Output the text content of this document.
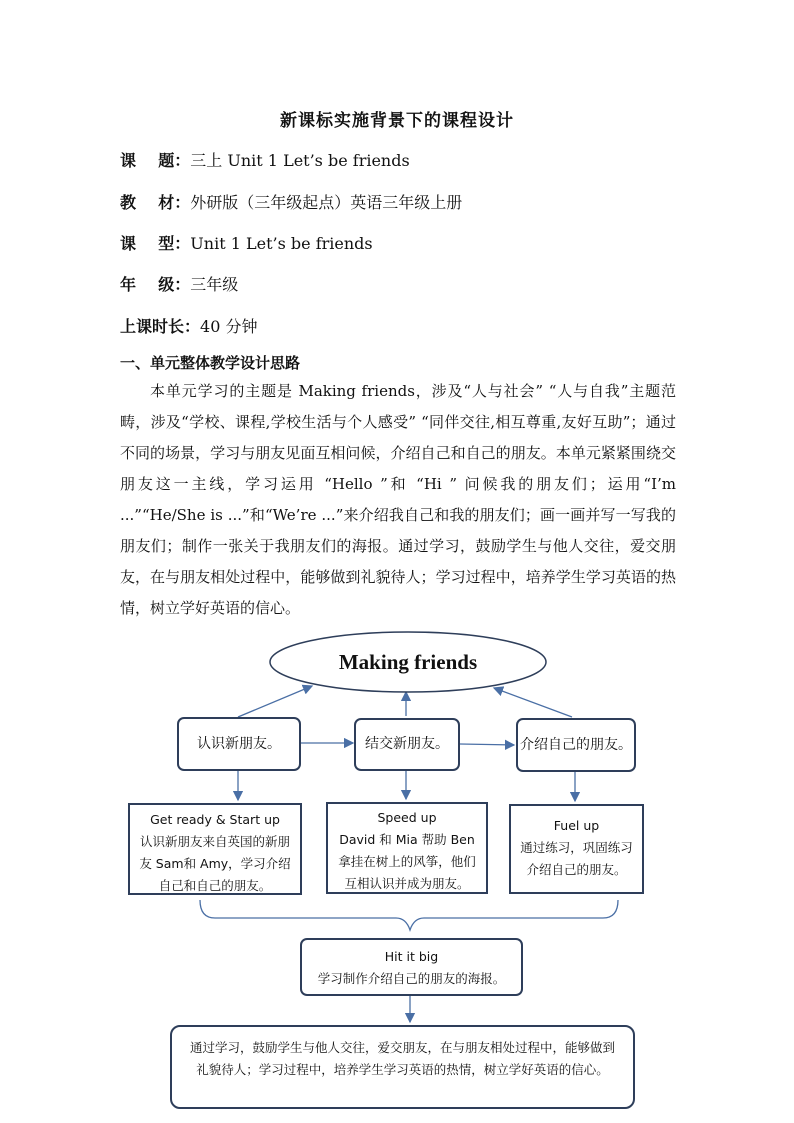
新课标实施背景下的课程设计
课    题：三上 Unit 1 Let’s be friends
教    材：外研版（三年级起点）英语三年级上册
课    型：Unit 1 Let’s be friends
年    级：三年级
上课时长：40 分钟
一、单元整体教学设计思路
本单元学习的主题是 Making friends，涉及“人与社会” “人与自我”主题范畴，涉及“学校、课程,学校生活与个人感受” “同伴交往,相互尊重,友好互助”；通过不同的场景，学习与朋友见面互相问候，介绍自己和自己的朋友。本单元紧紧围绕交朋友这一主线，学习运用 “Hello ”和 “Hi ” 问候我的朋友们；运用“I’m ...”“He/She is ...”和“We’re ...”来介绍我自己和我的朋友们；画一画并写一写我的朋友们；制作一张关于我朋友们的海报。通过学习，鼓励学生与他人交往，爱交朋友，在与朋友相处过程中，能够做到礼貌待人；学习过程中，培养学生学习英语的热情，树立学好英语的信心。
Making friends
认识新朋友。	结交新朋友。	介绍自己的朋友。
Get ready & Start up
认识新朋友来自英国的新朋友 Sam和 Amy，学习介绍自己和自己的朋友。
Speed up
David 和 Mia 帮助 Ben 拿挂在树上的风筝，他们互相认识并成为朋友。
Fuel up
通过练习，巩固练习介绍自己的朋友。
Hit it big
学习制作介绍自己的朋友的海报。
通过学习，鼓励学生与他人交往，爱交朋友，在与朋友相处过程中，能够做到礼貌待人；学习过程中，培养学生学习英语的热情，树立学好英语的信心。
